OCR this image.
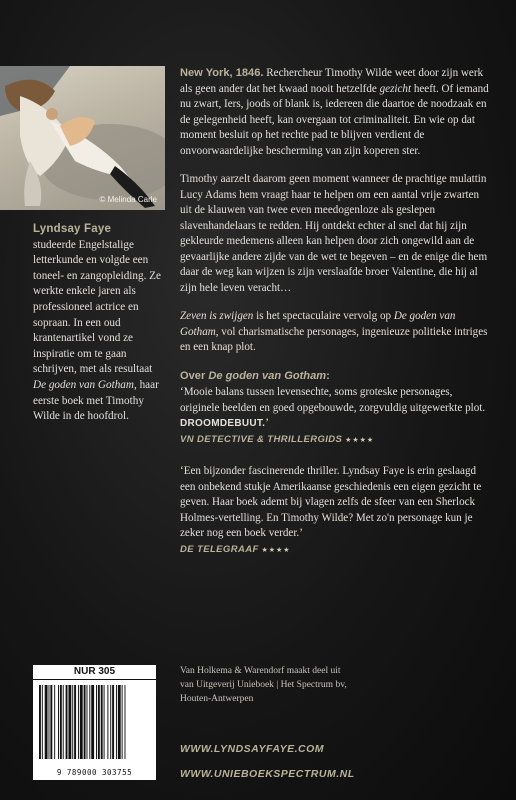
© Melinda Carle
Lyndsay Faye
studeerde Engelstalige letterkunde en volgde een toneel- en zangopleiding. Ze werkte enkele jaren als professioneel actrice en sopraan. In een oud krantenartikel vond ze inspiratie om te gaan schrijven, met als resultaat De goden van Gotham, haar eerste boek met Timothy Wilde in de hoofdrol.

New York, 1846. Rechercheur Timothy Wilde weet door zijn werk als geen ander dat het kwaad nooit hetzelfde gezicht heeft. Of iemand nu zwart, Iers, joods of blank is, iedereen die daartoe de noodzaak en de gelegenheid heeft, kan overgaan tot criminaliteit. En wie op dat moment besluit op het rechte pad te blijven verdient de onvoorwaardelijke bescherming van zijn koperen ster.

Timothy aarzelt daarom geen moment wanneer de prachtige mulattin Lucy Adams hem vraagt haar te helpen om een aantal vrije zwarten uit de klauwen van twee even meedogenloze als geslepen slavenhandelaars te redden. Hij ontdekt echter al snel dat hij zijn gekleurde medemens alleen kan helpen door zich ongewild aan de gevaarlijke andere zijde van de wet te begeven – en de enige die hem daar de weg kan wijzen is zijn verslaafde broer Valentine, die hij al zijn hele leven veracht…

Zeven is zwijgen is het spectaculaire vervolg op De goden van Gotham, vol charismatische personages, ingenieuze politieke intriges en een knap plot.

Over De goden van Gotham:
‘Mooie balans tussen levensechte, soms groteske personages, originele beelden en goed opgebouwde, zorgvuldig uitgewerkte plot. DROOMDEBUUT.’
VN DETECTIVE & THRILLERGIDS ★★★★
‘Een bijzonder fascinerende thriller. Lyndsay Faye is erin geslaagd een onbekend stukje Amerikaanse geschiedenis een eigen gezicht te geven. Haar boek ademt bij vlagen zelfs de sfeer van een Sherlock Holmes-vertelling. En Timothy Wilde? Met zo'n personage kun je zeker nog een boek verder.’
DE TELEGRAAF ★★★★
NUR 305
9 789000 303755
Van Holkema & Warendorf maakt deel uit
van Uitgeverij Unieboek | Het Spectrum bv,
Houten-Antwerpen
WWW.LYNDSAYFAYE.COM
WWW.UNIEBOEKSPECTRUM.NL
